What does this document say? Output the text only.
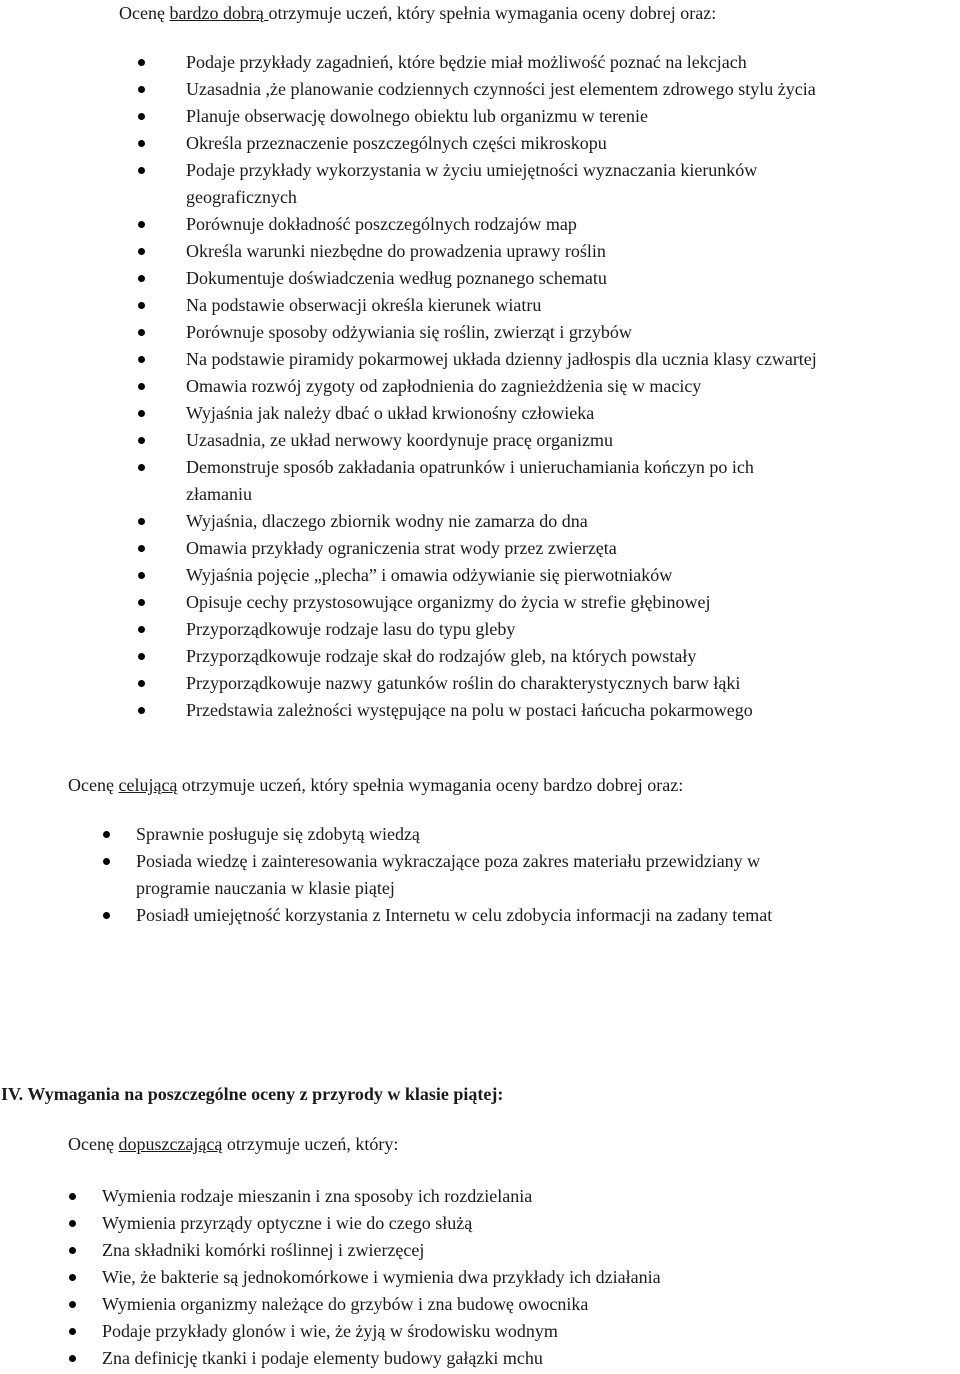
Ocenę bardzo dobrą otrzymuje uczeń, który spełnia wymagania oceny dobrej oraz:
Podaje przykłady zagadnień, które będzie miał możliwość poznać na lekcjach
Uzasadnia ,że planowanie codziennych czynności jest elementem zdrowego stylu życia
Planuje obserwację dowolnego obiektu lub organizmu w terenie
Określa przeznaczenie poszczególnych części mikroskopu
Podaje przykłady wykorzystania w życiu umiejętności wyznaczania kierunków
geograficznych
Porównuje dokładność poszczególnych rodzajów map
Określa warunki niezbędne do prowadzenia uprawy roślin
Dokumentuje doświadczenia według poznanego schematu
Na podstawie obserwacji określa kierunek wiatru
Porównuje sposoby odżywiania się roślin, zwierząt i grzybów
Na podstawie piramidy pokarmowej układa dzienny jadłospis dla ucznia klasy czwartej
Omawia rozwój zygoty od zapłodnienia do zagnieżdżenia się w macicy
Wyjaśnia jak należy dbać o układ krwionośny człowieka
Uzasadnia, ze układ nerwowy koordynuje pracę organizmu
Demonstruje sposób zakładania opatrunków i unieruchamiania kończyn po ich
złamaniu
Wyjaśnia, dlaczego zbiornik wodny nie zamarza do dna
Omawia przykłady ograniczenia strat wody przez zwierzęta
Wyjaśnia pojęcie „plecha” i omawia odżywianie się pierwotniaków
Opisuje cechy przystosowujące organizmy do życia w strefie głębinowej
Przyporządkowuje rodzaje lasu do typu gleby
Przyporządkowuje rodzaje skał do rodzajów gleb, na których powstały
Przyporządkowuje nazwy gatunków roślin do charakterystycznych barw łąki
Przedstawia zależności występujące na polu w postaci łańcucha pokarmowego
Ocenę celującą otrzymuje uczeń, który spełnia wymagania oceny bardzo dobrej oraz:
Sprawnie posługuje się zdobytą wiedzą
Posiada wiedzę i zainteresowania wykraczające poza zakres materiału przewidziany w
programie nauczania w klasie piątej
Posiadł umiejętność korzystania z Internetu w celu zdobycia informacji na zadany temat
IV. Wymagania na poszczególne oceny z przyrody w klasie piątej:
Ocenę dopuszczającą otrzymuje uczeń, który:
Wymienia rodzaje mieszanin i zna sposoby ich rozdzielania
Wymienia przyrządy optyczne i wie do czego służą
Zna składniki komórki roślinnej i zwierzęcej
Wie, że bakterie są jednokomórkowe i wymienia dwa przykłady ich działania
Wymienia organizmy należące do grzybów i zna budowę owocnika
Podaje przykłady glonów i wie, że żyją w środowisku wodnym
Zna definicję tkanki i podaje elementy budowy gałązki mchu
